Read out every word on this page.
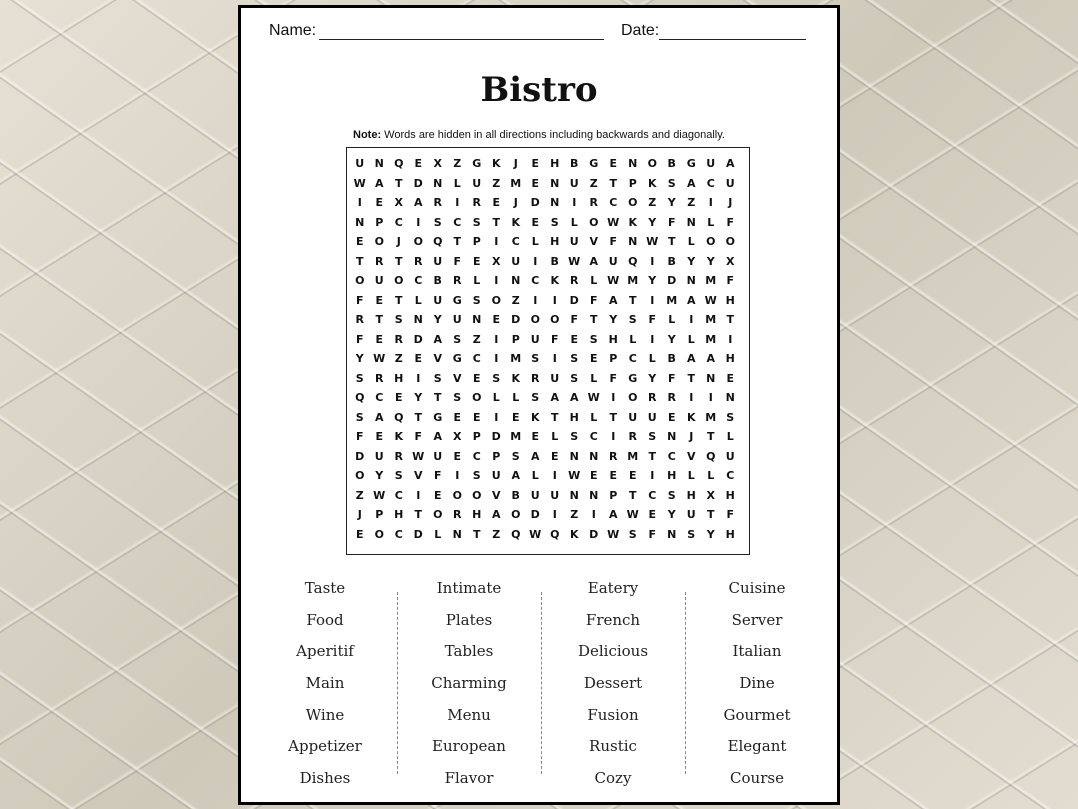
Name:	Date:
Bistro
Note: Words are hidden in all directions including backwards and diagonally.
U N Q	E	X	Z	G K	J	E	H B G	E	N O B G U A
W A	T	D N	L	U	Z M E	N U	Z	T	P	K	S	A	C	U
I	E	X	A	R	I	R	E	J	D N	I	R	C O Z	Y	Z	I	J
N P	C	I	S	C	S	T	K	E	S	L	O W K	Y	F	N	L	F
E	O	J	O Q	T	P	I	C	L	H U V	F	N W T	L	O O
T	R	T	R U	F	E	X U	I	B W A U Q	I	B	Y	Y	X
O U O C	B	R	L	I	N C	K R	L W M Y D N M F
F	E	T	L	U G	S O Z	I	I	D	F	A	T	I	M A W H
R	T	S N Y	U N	E	D O O	F	T	Y	S	F	L	I	M T
F	E	R D A	S	Z	I	P	U	F	E	S H	L	I	Y	L M	I
Y W Z	E	V G C	I	M S	I	S	E	P	C	L	B	A A H
S	R H	I	S	V	E	S	K R U	S	L	F	G	Y	F	T	N	E
Q C	E	Y	T	S O	L	L	S	A A W	I	O R	R	I	I	N
S	A Q	T	G	E	E	I	E	K	T	H	L	T	U U	E	K M S
F	E	K	F	A	X	P D M E	L	S	C	I	R	S N	J	T	L
D U R W U	E	C	P	S	A	E	N N R M T	C	V Q U
O Y	S	V	F	I	S	U A	L	I	W E	E	E	I	H	L	L	C
Z W C	I	E	O O V	B U U N N P	T	C	S H X H
J	P H	T	O R H A O D	I	Z	I	A W E	Y	U	T	F
E	O C D	L	N	T	Z Q W Q K D W S	F	N S	Y H
Taste
Food
Aperitif
Main
Wine
Appetizer
Dishes
Intimate
Plates
Tables
Charming
Menu
European
Flavor
Eatery
French
Delicious
Dessert
Fusion
Rustic
Cozy
Cuisine
Server
Italian
Dine
Gourmet
Elegant
Course
